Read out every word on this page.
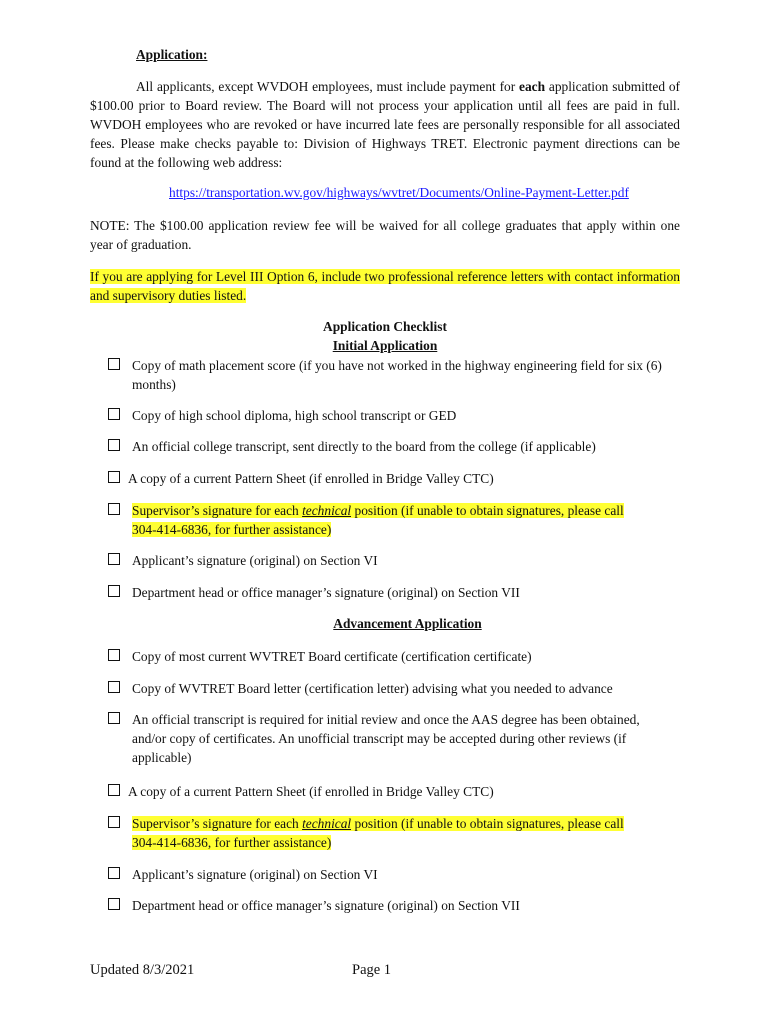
Application:
All applicants, except WVDOH employees, must include payment for each application submitted of $100.00 prior to Board review. The Board will not process your application until all fees are paid in full. WVDOH employees who are revoked or have incurred late fees are personally responsible for all associated fees. Please make checks payable to: Division of Highways TRET. Electronic payment directions can be found at the following web address:
https://transportation.wv.gov/highways/wvtret/Documents/Online-Payment-Letter.pdf
NOTE: The $100.00 application review fee will be waived for all college graduates that apply within one year of graduation.
If you are applying for Level III Option 6, include two professional reference letters with contact information and supervisory duties listed.
Application Checklist
Initial Application
Copy of math placement score (if you have not worked in the highway engineering field for six (6) months)
Copy of high school diploma, high school transcript or GED
An official college transcript, sent directly to the board from the college (if applicable)
A copy of a current Pattern Sheet (if enrolled in Bridge Valley CTC)
Supervisor’s signature for each technical position (if unable to obtain signatures, please call 304-414-6836, for further assistance)
Applicant’s signature (original) on Section VI
Department head or office manager’s signature (original) on Section VII
Advancement Application
Copy of most current WVTRET Board certificate (certification certificate)
Copy of WVTRET Board letter (certification letter) advising what you needed to advance
An official transcript is required for initial review and once the AAS degree has been obtained, and/or copy of certificates. An unofficial transcript may be accepted during other reviews (if applicable)
A copy of a current Pattern Sheet (if enrolled in Bridge Valley CTC)
Supervisor’s signature for each technical position (if unable to obtain signatures, please call 304-414-6836, for further assistance)
Applicant’s signature (original) on Section VI
Department head or office manager’s signature (original) on Section VII
Updated 8/3/2021	Page 1
